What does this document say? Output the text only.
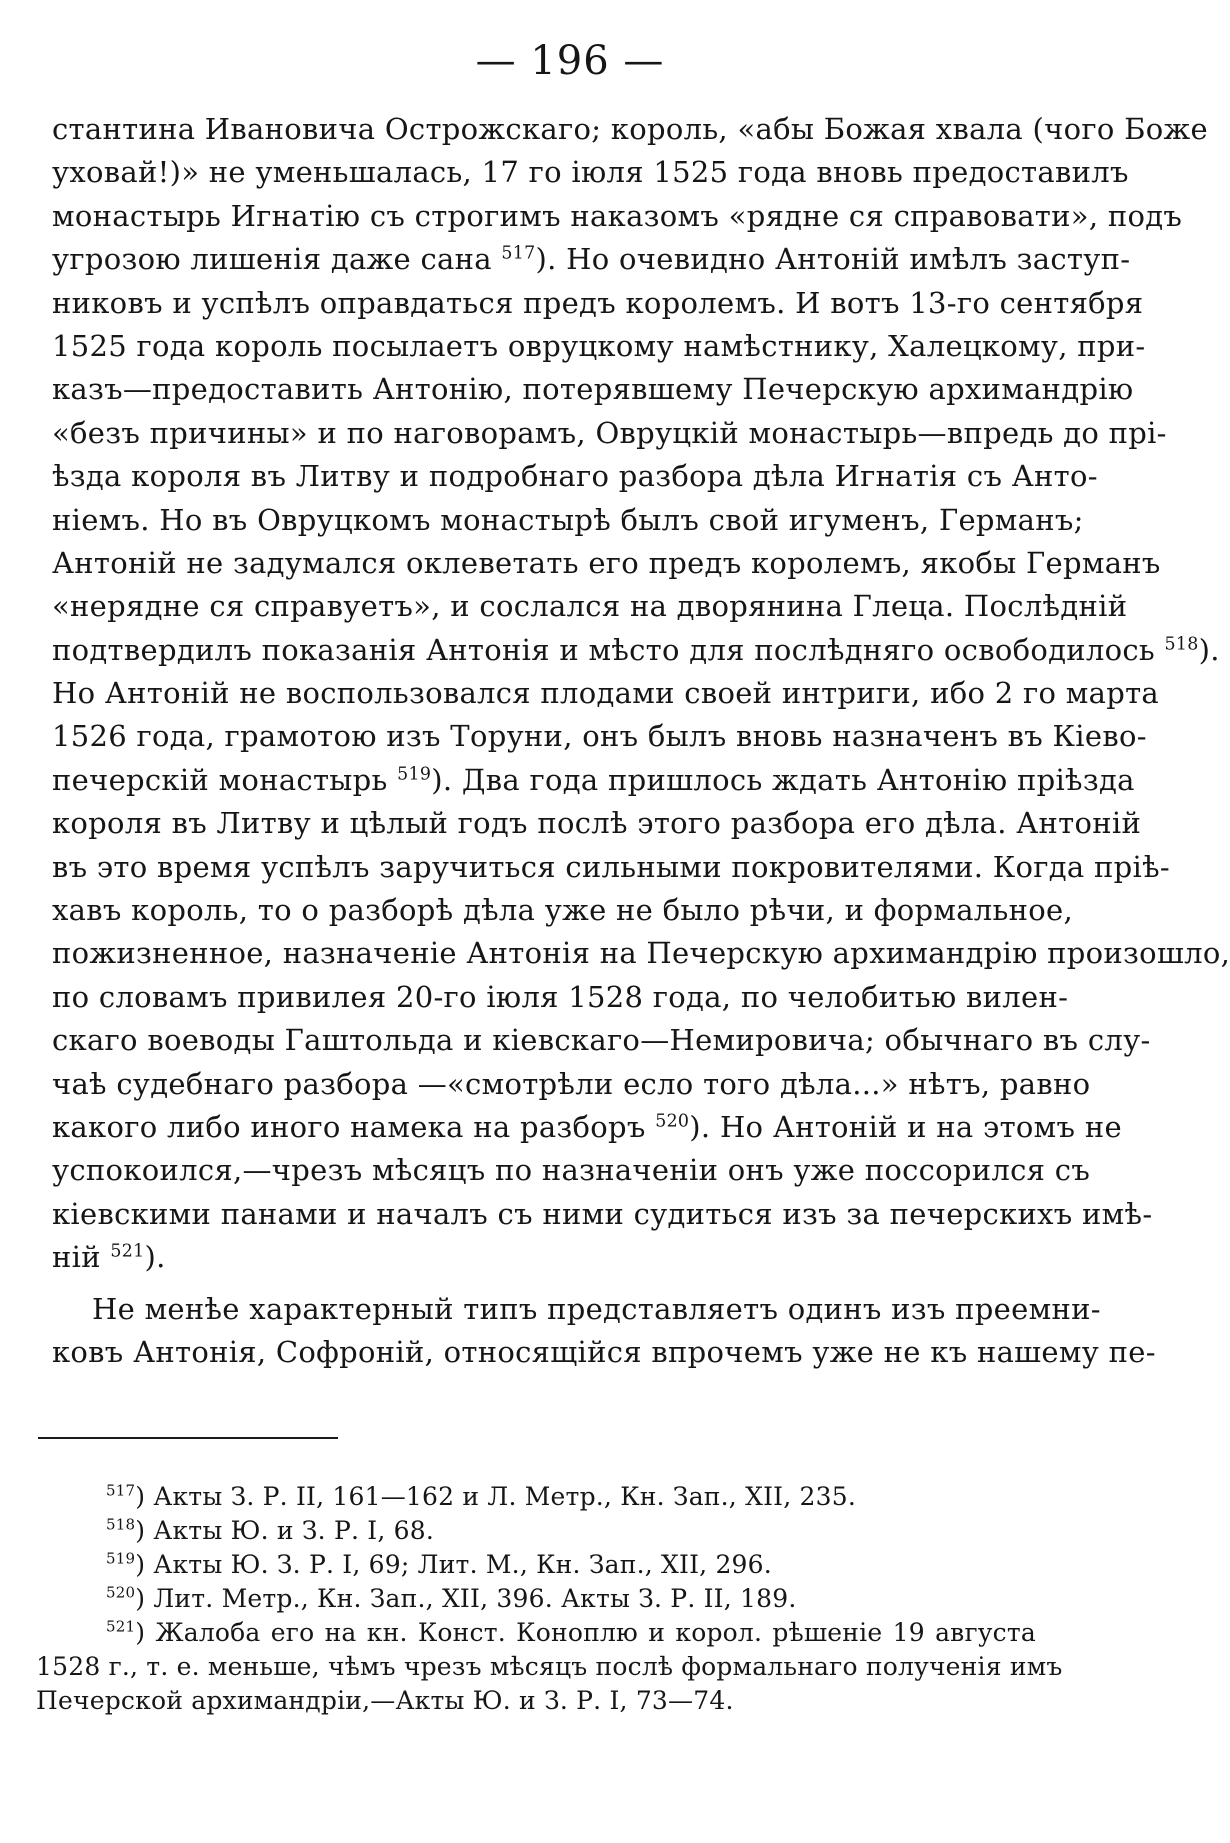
— 196 —
стантина Ивановича Острожскаго; король, «абы Божая хвала (чого Боже
уховай!)» не уменьшалась, 17 го іюля 1525 года вновь предоставилъ
монастырь Игнатію съ строгимъ наказомъ «рядне ся справовати», подъ
угрозою лишенія даже сана $^{517}$). Но очевидно Антоній имѣлъ заступ-
никовъ и успѣлъ оправдаться предъ королемъ. И вотъ 13-го сентября
1525 года король посылаетъ овруцкому намѣстнику, Халецкому, при-
казъ—предоставить Антонію, потерявшему Печерскую архимандрію
«безъ причины» и по наговорамъ, Овруцкій монастырь—впредь до прі-
ѣзда короля въ Литву и подробнаго разбора дѣла Игнатія съ Анто-
ніемъ. Но въ Овруцкомъ монастырѣ былъ свой игуменъ, Германъ;
Антоній не задумался оклеветать его предъ королемъ, якобы Германъ
«нерядне ся справуетъ», и сослался на дворянина Глеца. Послѣдній
подтвердилъ показанія Антонія и мѣсто для послѣдняго освободилось $^{518}$).
Но Антоній не воспользовался плодами своей интриги, ибо 2 го марта
1526 года, грамотою изъ Торуни, онъ былъ вновь назначенъ въ Кіево-
печерскій монастырь $^{519}$). Два года пришлось ждать Антонію пріѣзда
короля въ Литву и цѣлый годъ послѣ этого разбора его дѣла. Антоній
въ это время успѣлъ заручиться сильными покровителями. Когда пріѣ-
хавъ король, то о разборѣ дѣла уже не было рѣчи, и формальное,
пожизненное, назначеніе Антонія на Печерскую архимандрію произошло,
по словамъ привилея 20-го іюля 1528 года, по челобитью вилен-
скаго воеводы Гаштольда и кіевскаго—Немировича; обычнаго въ слу-
чаѣ судебнаго разбора —«смотрѣли есло того дѣла...» нѣтъ, равно
какого либо иного намека на разборъ $^{520}$). Но Антоній и на этомъ не
успокоился,—чрезъ мѣсяцъ по назначеніи онъ уже поссорился съ
кіевскими панами и началъ съ ними судиться изъ за печерскихъ имѣ-
ній $^{521}$).
Не менѣе характерный типъ представляетъ одинъ изъ преемни-
ковъ Антонія, Софроній, относящійся впрочемъ уже не къ нашему пе-
$^{517}$) Акты З. Р. II, 161—162 и Л. Метр., Кн. Зап., XII, 235.
$^{518}$) Акты Ю. и З. Р. I, 68.
$^{519}$) Акты Ю. З. Р. I, 69; Лит. М., Кн. Зап., XII, 296.
$^{520}$) Лит. Метр., Кн. Зап., XII, 396. Акты З. Р. II, 189.
$^{521}$) Жалоба его на кн. Конст. Коноплю и корол. рѣшеніе 19 августа
1528 г., т. е. меньше, чѣмъ чрезъ мѣсяцъ послѣ формальнаго полученія имъ
Печерской архимандріи,—Акты Ю. и З. Р. I, 73—74.
